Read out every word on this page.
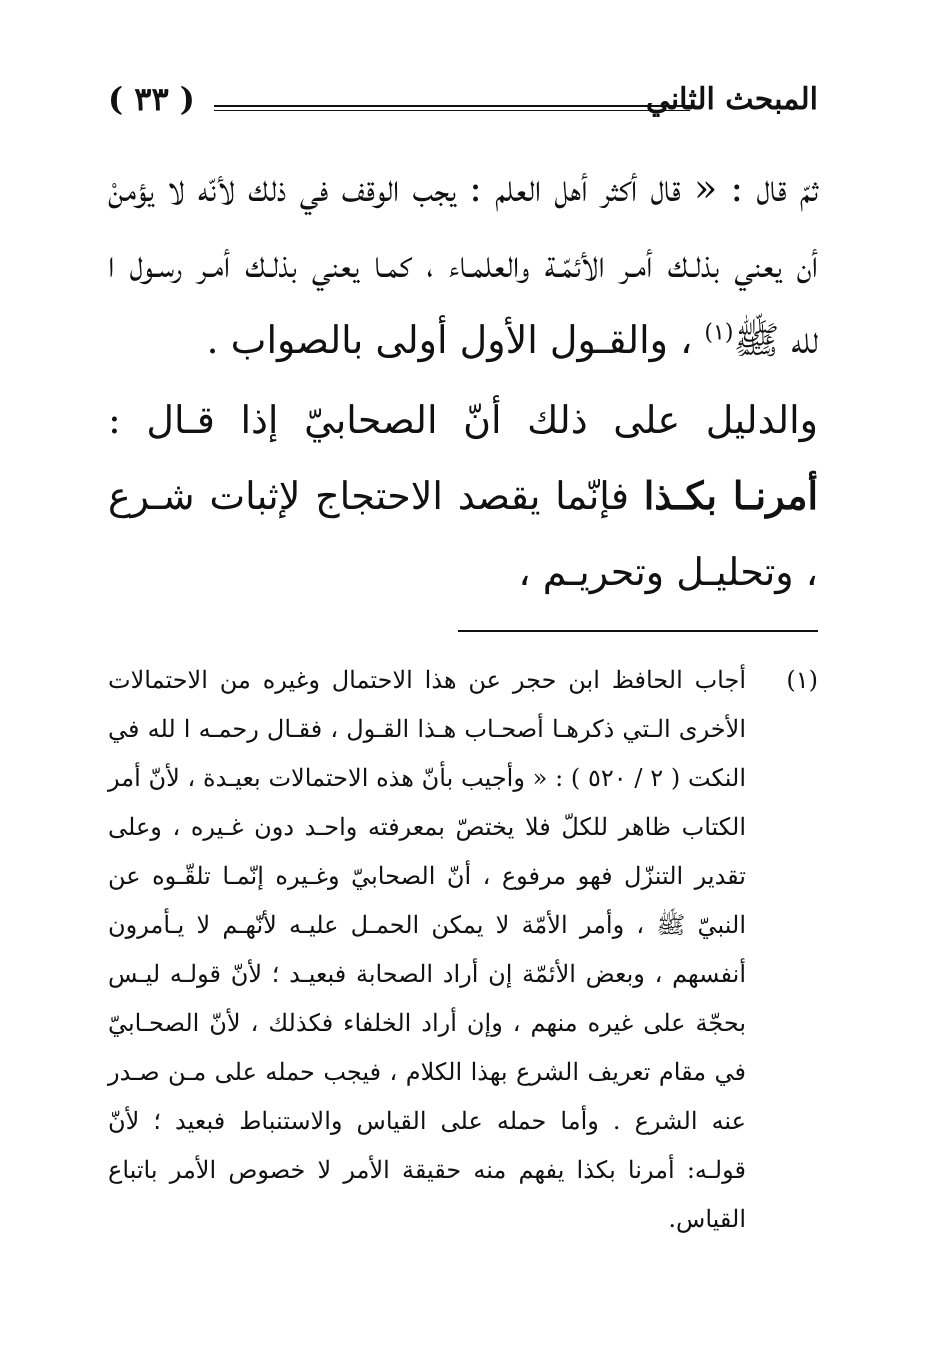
المبحث الثاني
( ٣٣ )

ثمّ قال : « قال أكثر أهل العلم : يجب الوقف في ذلك لأنّه لا يؤمنْ أن يعني بذلـك أمـر الأئمّـة والعلمـاء ، كمـا يعني بذلـك أمـر رسـول ا لله ﷺ$^{(١)}$ ، والقـول الأول أولى بالصواب .

والدليل على ذلك أنّ الصحابيّ إذا قـال : أمرنـا بكـذا فإنّما يقصد الاحتجاج لإثبات شـرع ، وتحليـل وتحريـم ،

(١)
أجاب الحافظ ابن حجر عن هذا الاحتمال وغيره من الاحتمالات الأخرى الـتي ذكرهـا أصحـاب هـذا القـول ، فقـال رحمـه ا لله في النكت ( ٢ / ٥٢٠ ) : « وأجيب بأنّ هذه الاحتمالات بعيـدة ، لأنّ أمر الكتاب ظاهر للكلّ فلا يختصّ بمعرفته واحـد دون غـيره ، وعلى تقدير التنزّل فهو مرفوع ، أنّ الصحابيّ وغـيره إنّمـا تلقّـوه عن النبيّ ﷺ ، وأمر الأمّة لا يمكن الحمـل عليـه لأنّهـم لا يـأمرون أنفسهم ، وبعض الأئمّة إن أراد الصحابة فبعيـد ؛ لأنّ قولـه ليـس بحجّة على غيره منهم ، وإن أراد الخلفاء فكذلك ، لأنّ الصحـابيّ في مقام تعريف الشرع بهذا الكلام ، فيجب حمله على مـن صـدر عنه الشرع . وأما حمله على القياس والاستنباط فبعيد ؛ لأنّ قولـه: أمرنا بكذا يفهم منه حقيقة الأمر لا خصوص الأمر باتباع القياس.
